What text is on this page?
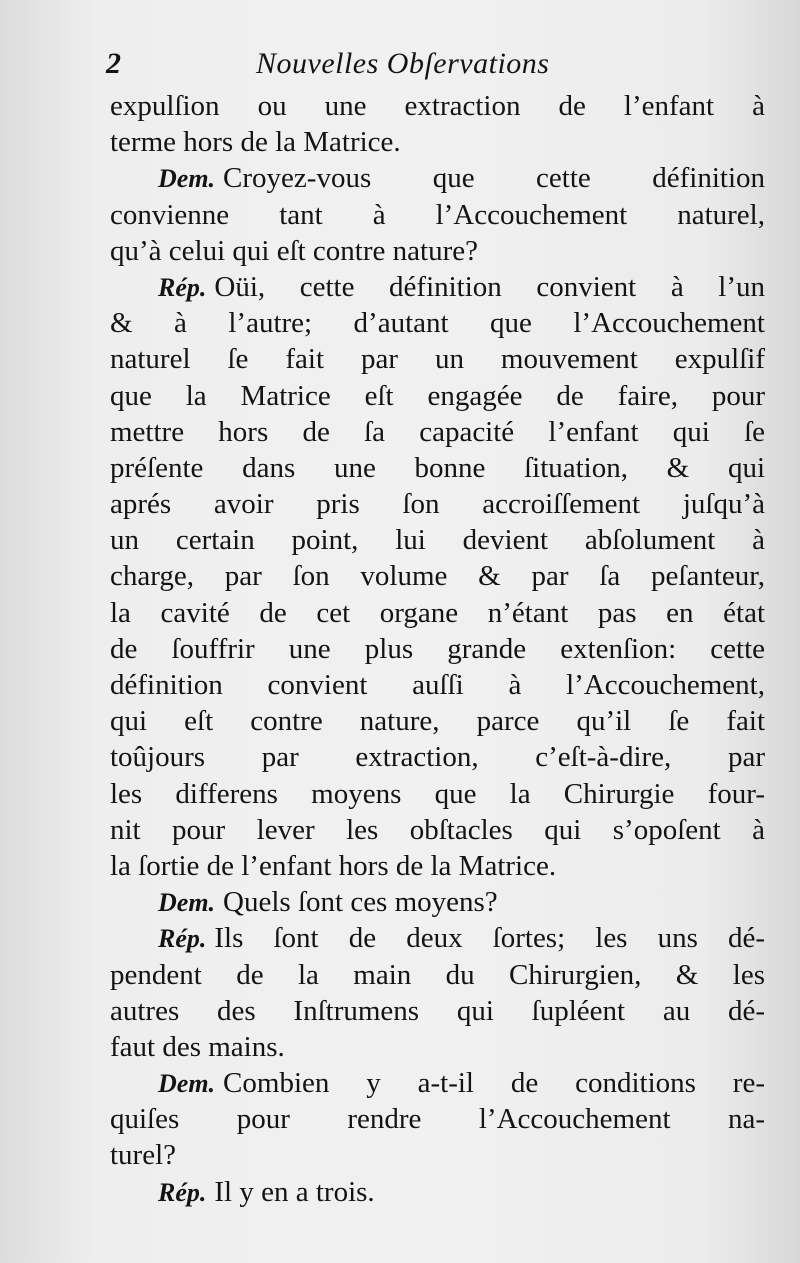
2	Nouvelles Obſervations
expulſion ou une extraction de l’enfant à
terme hors de la Matrice.
Dem. Croyez-vous que cette définition
convienne tant à l’Accouchement naturel,
qu’à celui qui eſt contre nature?
Rép. Oüi, cette définition convient à l’un
& à l’autre; d’autant que l’Accouchement
naturel ſe fait par un mouvement expulſif
que la Matrice eſt engagée de faire, pour
mettre hors de ſa capacité l’enfant qui ſe
préſente dans une bonne ſituation, & qui
aprés avoir pris ſon accroiſſement juſqu’à
un certain point, lui devient abſolument à
charge, par ſon volume & par ſa peſanteur,
la cavité de cet organe n’étant pas en état
de ſouffrir une plus grande extenſion: cette
définition convient auſſi à l’Accouchement,
qui eſt contre nature, parce qu’il ſe fait
toûjours par extraction, c’eſt-à-dire, par
les differens moyens que la Chirurgie four-
nit pour lever les obſtacles qui s’opoſent à
la ſortie de l’enfant hors de la Matrice.
Dem. Quels ſont ces moyens?
Rép. Ils ſont de deux ſortes; les uns dé-
pendent de la main du Chirurgien, & les
autres des Inſtrumens qui ſupléent au dé-
faut des mains.
Dem. Combien y a-t-il de conditions re-
quiſes pour rendre l’Accouchement na-
turel?
Rép. Il y en a trois.
